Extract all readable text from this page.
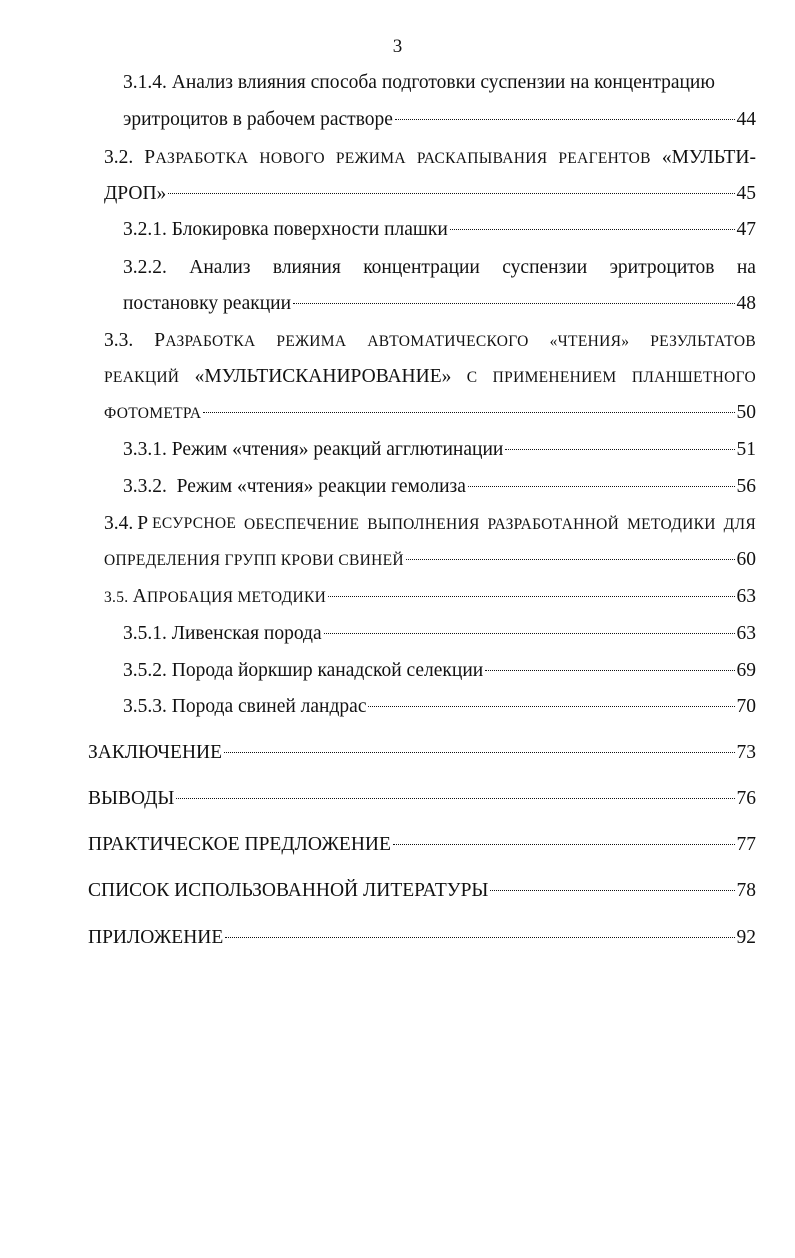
3
3.1.4. Анализ влияния способа подготовки суспензии на концентрацию
эритроцитов в рабочем растворе	44
3.2. РАЗРАБОТКА НОВОГО РЕЖИМА РАСКАПЫВАНИЯ РЕАГЕНТОВ «МУЛЬТИ-
ДРОП»	45
3.2.1. Блокировка поверхности плашки	47
3.2.2. Анализ влияния концентрации суспензии эритроцитов на
постановку реакции	48
3.3. РАЗРАБОТКА РЕЖИМА АВТОМАТИЧЕСКОГО «ЧТЕНИЯ» РЕЗУЛЬТАТОВ
РЕАКЦИЙ «МУЛЬТИСКАНИРОВАНИЕ» С ПРИМЕНЕНИЕМ ПЛАНШЕТНОГО
ФОТОМЕТРА	50
3.3.1. Режим «чтения» реакций агглютинации	51
3.3.2.  Режим «чтения» реакции гемолиза	56
3.4. Р ЕСУРСНОЕ ОБЕСПЕЧЕНИЕ ВЫПОЛНЕНИЯ РАЗРАБОТАННОЙ МЕТОДИКИ ДЛЯ
ОПРЕДЕЛЕНИЯ ГРУПП КРОВИ СВИНЕЙ	60
3.5. АПРОБАЦИЯ МЕТОДИКИ	63
3.5.1. Ливенская порода	63
3.5.2. Порода йоркшир канадской селекции	69
3.5.3. Порода свиней ландрас	70
ЗАКЛЮЧЕНИЕ	73
ВЫВОДЫ	76
ПРАКТИЧЕСКОЕ ПРЕДЛОЖЕНИЕ	77
СПИСОК ИСПОЛЬЗОВАННОЙ ЛИТЕРАТУРЫ	78
ПРИЛОЖЕНИЕ	92
